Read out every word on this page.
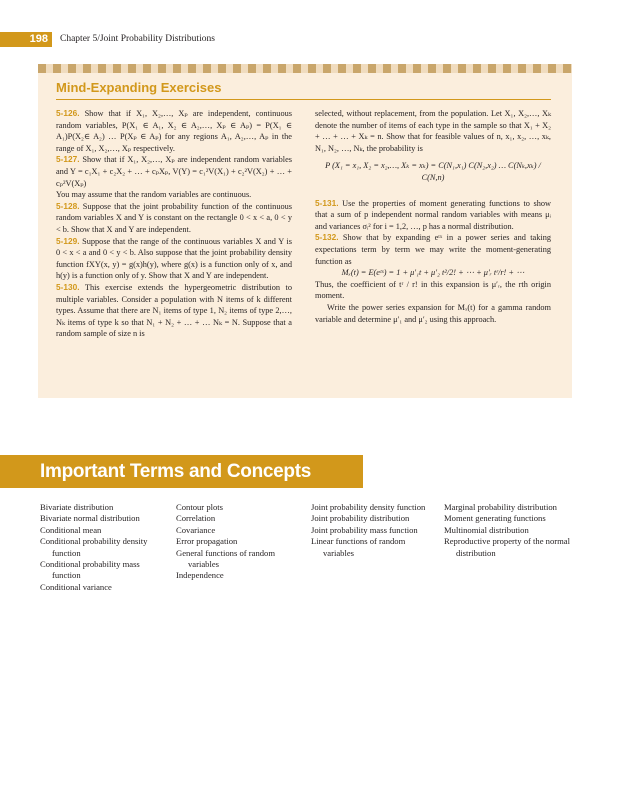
198	Chapter 5/Joint Probability Distributions
Mind-Expanding Exercises

5-126. Show that if X₁, X₂,…, Xₚ are independent, continuous random variables, P(X₁ ∈ A₁, X₂ ∈ A₂,…, Xₚ ∈ Aₚ) = P(X₁ ∈ A₁)P(X₂∈ A₂) … P(Xₚ ∈ Aₚ) for any regions A₁, A₂,…, Aₚ in the range of X₁, X₂,…, Xₚ respectively.

5-127. Show that if X₁, X₂,…, Xₚ are independent random variables and Y = c₁X₁ + c₂X₂ + … + cₚXₚ, V(Y) = c₁²V(X₁) + c₂²V(X₂) + … + cₚ²V(Xₚ)

You may assume that the random variables are continuous.

5-128. Suppose that the joint probability function of the continuous random variables X and Y is constant on the rectangle 0 < x < a, 0 < y < b. Show that X and Y are independent.

5-129. Suppose that the range of the continuous variables X and Y is 0 < x < a and 0 < y < b. Also suppose that the joint probability density function fXY(x, y) = g(x)h(y), where g(x) is a function only of x, and h(y) is a function only of y. Show that X and Y are independent.

5-130. This exercise extends the hypergeometric distribution to multiple variables. Consider a population with N items of k different types. Assume that there are N₁ items of type 1, N₂ items of type 2,…, Nₖ items of type k so that N₁ + N₂ + … + … Nₖ = N. Suppose that a random sample of size n is

selected, without replacement, from the population. Let X₁, X₂,…, Xₖ denote the number of items of each type in the sample so that X₁ + X₂ + … + … + Xₖ = n. Show that for feasible values of n, x₁, x₂, …, xₖ, N₁, N₂, …, Nₖ, the probability is

P (X₁ = x₁, X₂ = x₂,…, Xₖ = xₖ) = C(N₁,x₁) C(N₂,x₂) … C(Nₖ,xₖ) / C(N,n)

5-131. Use the properties of moment generating functions to show that a sum of p independent normal random variables with means μᵢ and variances σᵢ² for i = 1,2, …, p has a normal distribution.

5-132. Show that by expanding eᵗˣ in a power series and taking expectations term by term we may write the moment-generating function as

Mₓ(t) = E(eᵗˣ) = 1 + μ′₁t + μ′₂ t²/2! + ⋯ + μ′ᵣ tʳ/r! + ⋯

Thus, the coefficient of tʳ / r! in this expansion is μ′ᵣ, the rth origin moment.

Write the power series expansion for Mₓ(t) for a gamma random variable and determine μ′₁ and μ′₂ using this approach.

Important Terms and Concepts
Bivariate distribution
Bivariate normal distribution
Conditional mean
Conditional probability density function
Conditional probability mass function
Conditional variance
Contour plots
Correlation
Covariance
Error propagation
General functions of random variables
Independence
Joint probability density function
Joint probability distribution
Joint probability mass function
Linear functions of random variables
Marginal probability distribution
Moment generating functions
Multinomial distribution
Reproductive property of the normal distribution
